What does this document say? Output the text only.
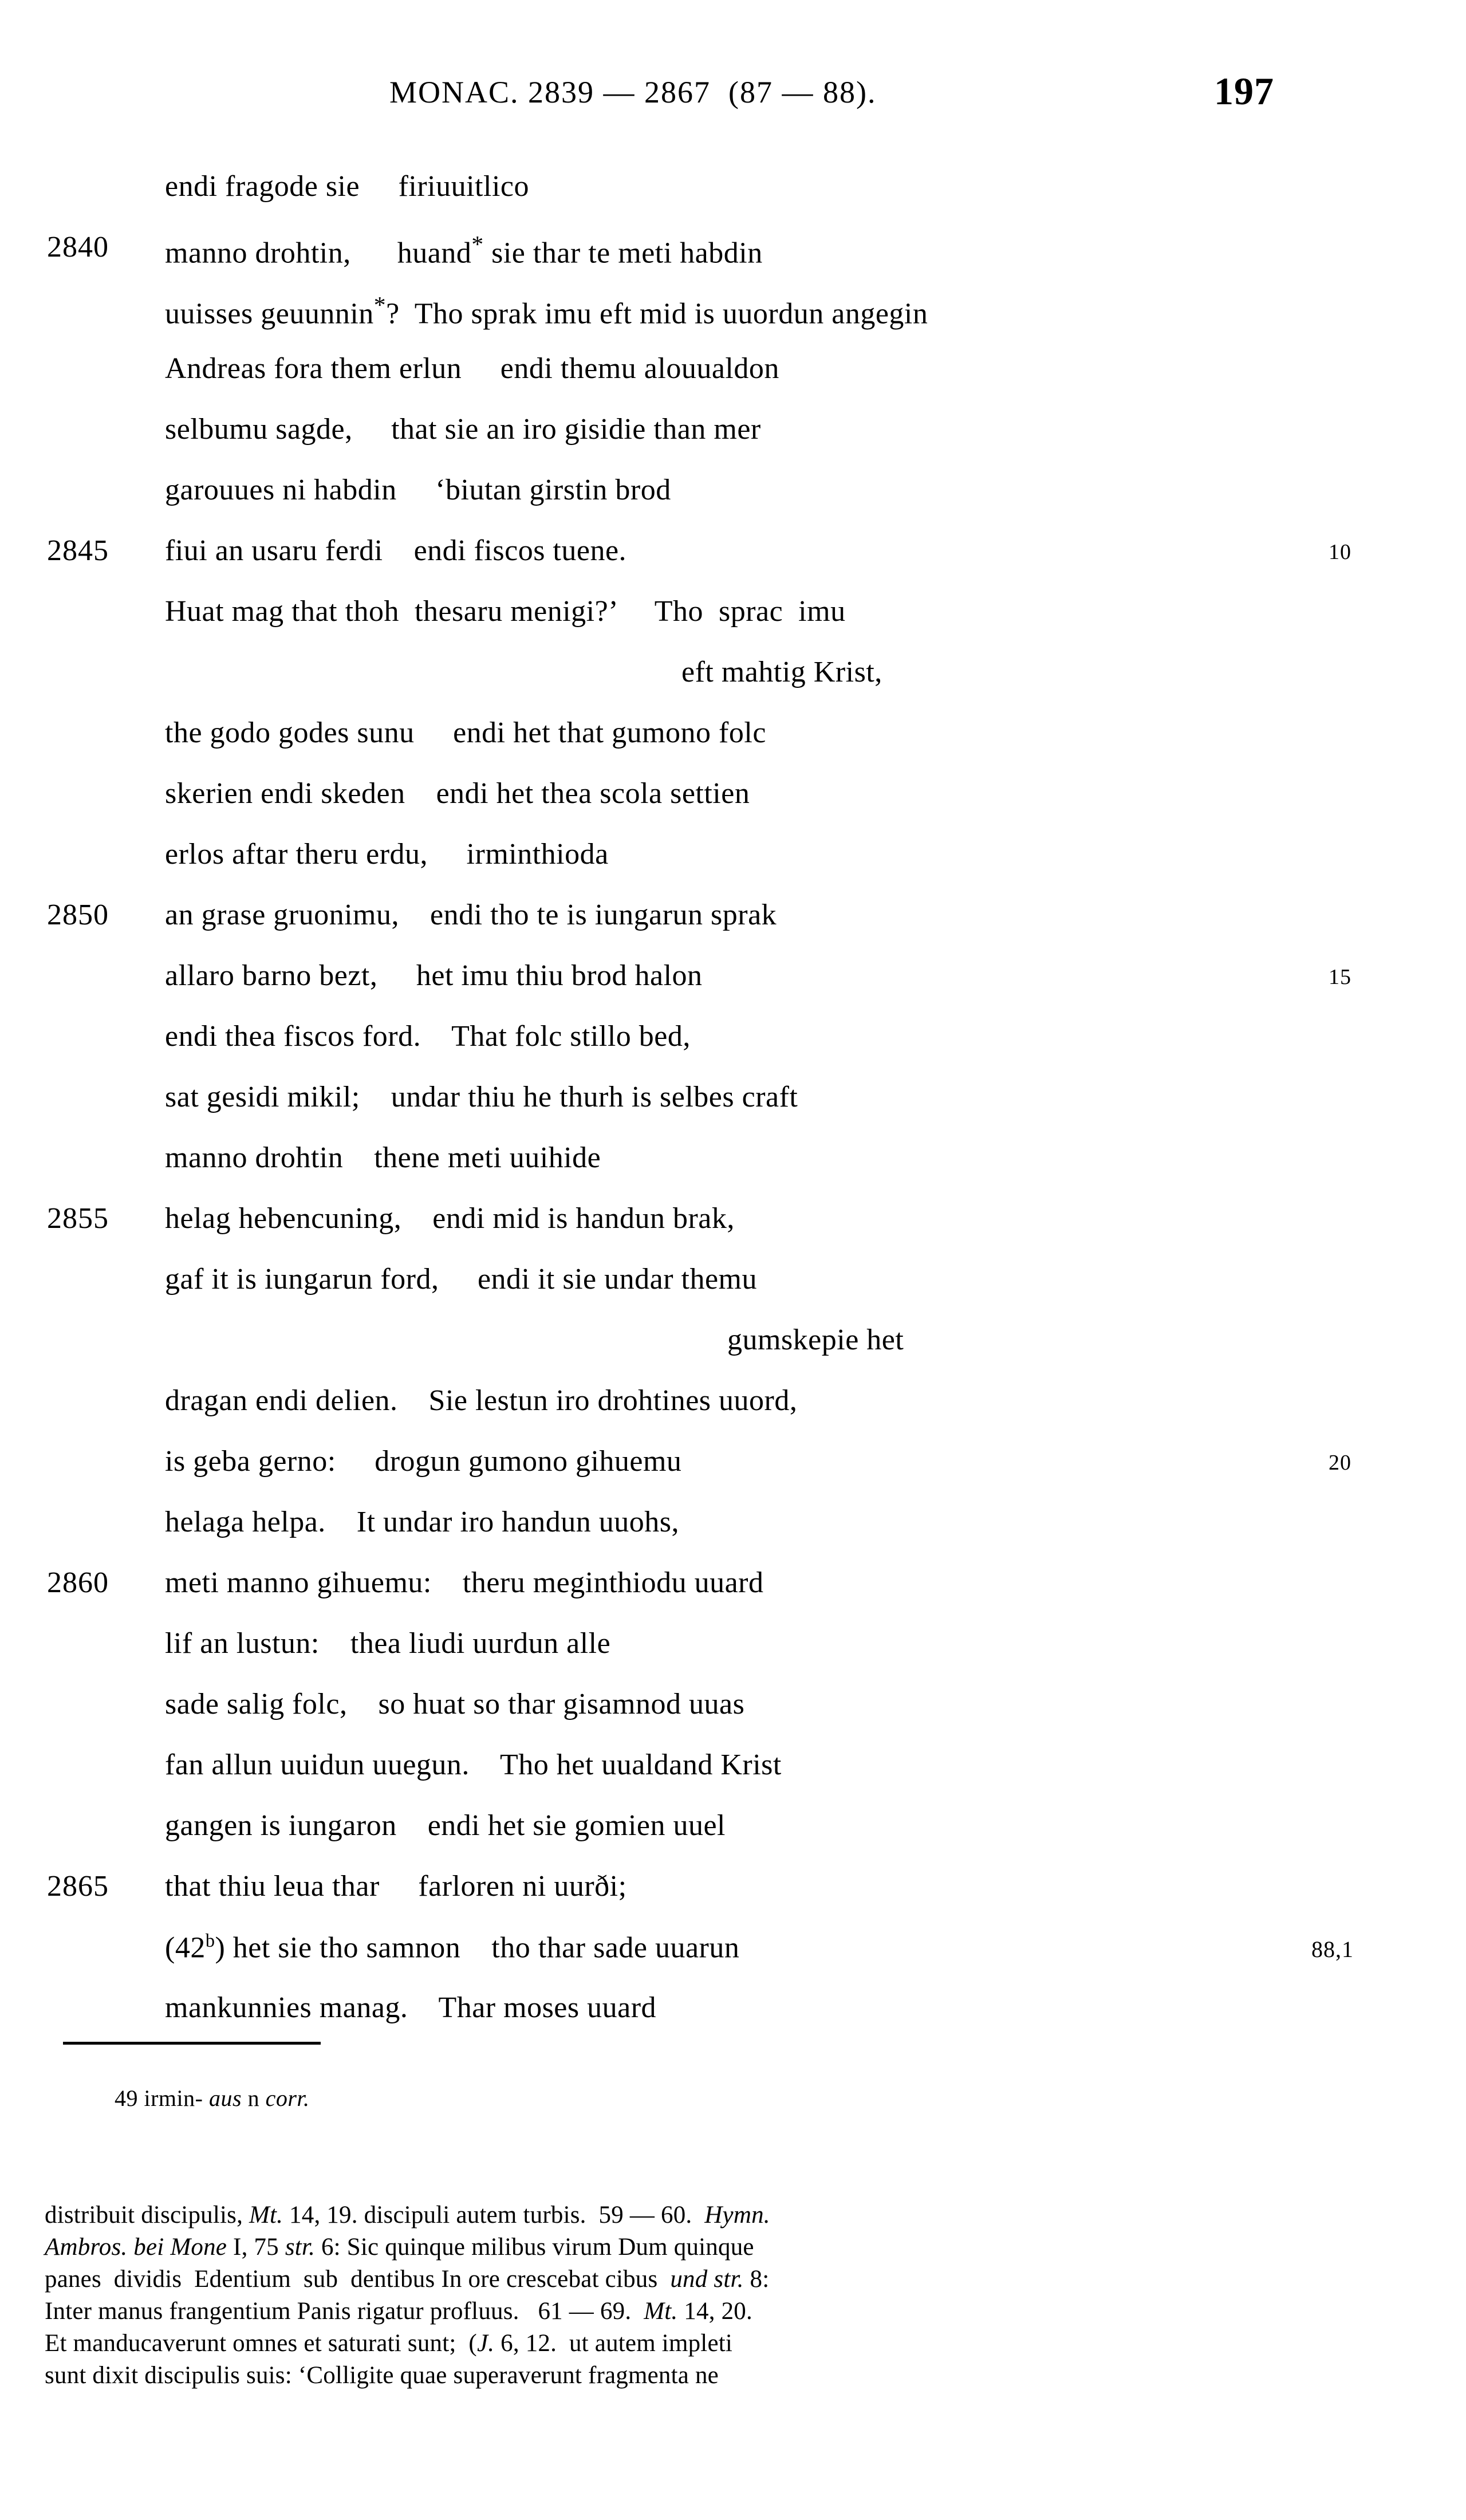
MONAC. 2839 — 2867  (87 — 88).	197
endi fragode sie     firiuuitlico
2840	manno drohtin,      huand* sie thar te meti habdin
uuisses geuunnin*?  Tho sprak imu eft mid is uuordun angegin
Andreas fora them erlun     endi themu alouualdon
selbumu sagde,     that sie an iro gisidie than mer
garouues ni habdin     ‘biutan girstin brod
2845	fiui an usaru ferdi    endi fiscos tuene.	10
Huat mag that thoh  thesaru menigi?’     Tho  sprac  imu
eft mahtig Krist,
the godo godes sunu     endi het that gumono folc
skerien endi skeden    endi het thea scola settien
erlos aftar theru erdu,     irminthioda
2850	an grase gruonimu,    endi tho te is iungarun sprak
allaro barno bezt,     het imu thiu brod halon	15
endi thea fiscos ford.    That folc stillo bed,
sat gesidi mikil;    undar thiu he thurh is selbes craft
manno drohtin    thene meti uuihide
2855	helag hebencuning,    endi mid is handun brak,
gaf it is iungarun ford,     endi it sie undar themu
gumskepie het
dragan endi delien.    Sie lestun iro drohtines uuord,
is geba gerno:     drogun gumono gihuemu	20
helaga helpa.    It undar iro handun uuohs,
2860	meti manno gihuemu:    theru meginthiodu uuard
lif an lustun:    thea liudi uurdun alle
sade salig folc,    so huat so thar gisamnod uuas
fan allun uuidun uuegun.    Tho het uualdand Krist
gangen is iungaron    endi het sie gomien uuel
2865	that thiu leua thar     farloren ni uurði;
(42$^b$) het sie tho samnon    tho thar sade uuarun	88,1
mankunnies manag.    Thar moses uuard
49 irmin- aus n corr.
distribuit discipulis, Mt. 14, 19. discipuli autem turbis.  59 — 60.  Hymn.
Ambros. bei Mone I, 75 str. 6: Sic quinque milibus virum Dum quinque
panes  dividis  Edentium  sub  dentibus In ore crescebat cibus  und str. 8:
Inter manus frangentium Panis rigatur profluus.   61 — 69.  Mt. 14, 20.
Et manducaverunt omnes et saturati sunt;  (J. 6, 12.  ut autem impleti
sunt dixit discipulis suis: ‘Colligite quae superaverunt fragmenta ne
